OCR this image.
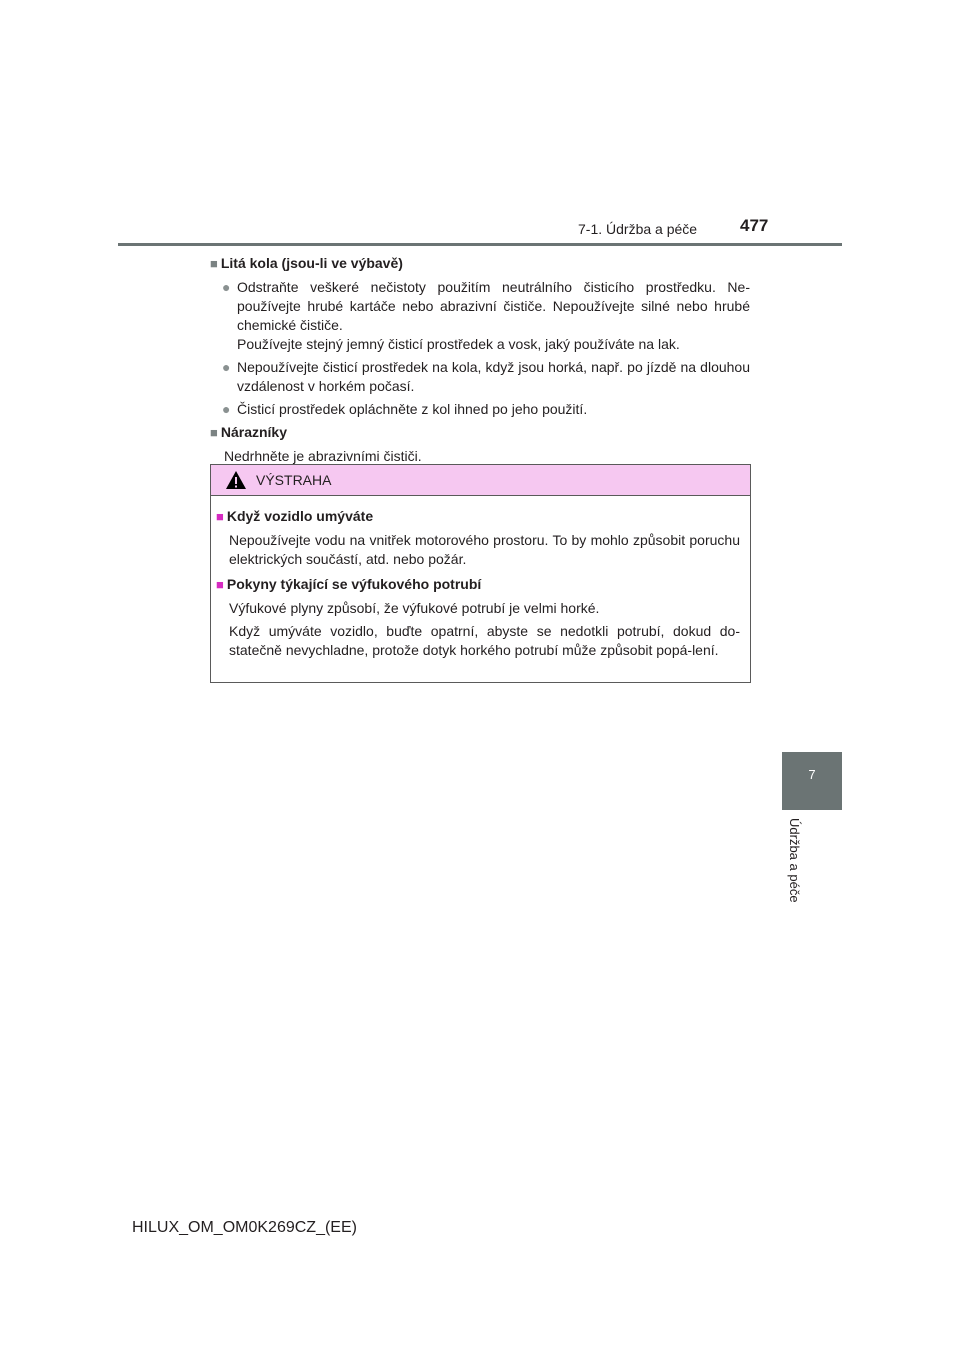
7-1. Údržba a péče	477
7
Údržba a péče
■ Litá kola (jsou-li ve výbavě)
● Odstraňte veškeré nečistoty použitím neutrálního čisticího prostředku. Ne-používejte hrubé kartáče nebo abrazivní čističe. Nepoužívejte silné nebo hrubé chemické čističe.
Používejte stejný jemný čisticí prostředek a vosk, jaký používáte na lak.
● Nepoužívejte čisticí prostředek na kola, když jsou horká, např. po jízdě na dlouhou vzdálenost v horkém počasí.
● Čisticí prostředek opláchněte z kol ihned po jeho použití.
■ Nárazníky
Nedrhněte je abrazivními čističi.
VÝSTRAHA
■ Když vozidlo umýváte
Nepoužívejte vodu na vnitřek motorového prostoru. To by mohlo způsobit poruchu elektrických součástí, atd. nebo požár.
■ Pokyny týkající se výfukového potrubí
Výfukové plyny způsobí, že výfukové potrubí je velmi horké.
Když umýváte vozidlo, buďte opatrní, abyste se nedotkli potrubí, dokud do-statečně nevychladne, protože dotyk horkého potrubí může způsobit popá-lení.
HILUX_OM_OM0K269CZ_(EE)
